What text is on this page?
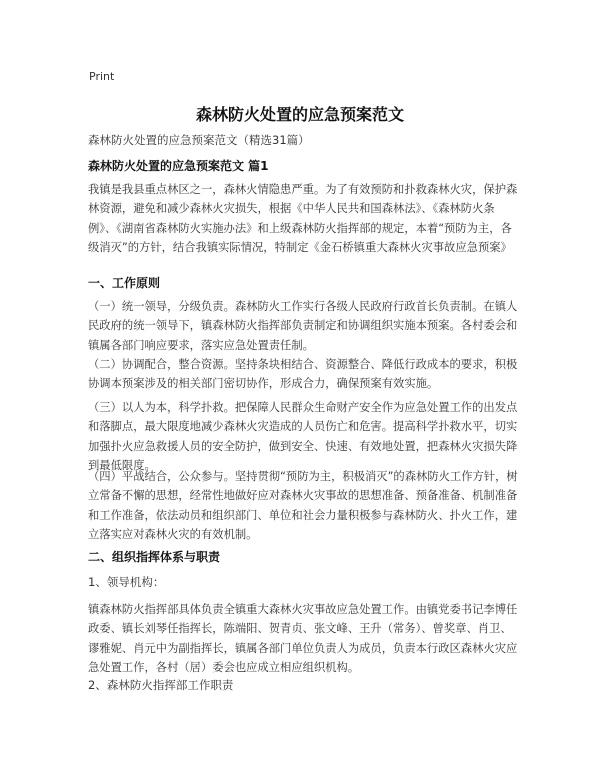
Print
森林防火处置的应急预案范文
森林防火处置的应急预案范文（精选31篇）
森林防火处置的应急预案范文 篇1

我镇是我县重点林区之一，森林火情隐患严重。为了有效预防和扑救森林火灾，保护森林资源，避免和减少森林火灾损失，根据《中华人民共和国森林法》、《森林防火条例》、《湖南省森林防火实施办法》和上级森林防火指挥部的规定，本着“预防为主，各级消灭”的方针，结合我镇实际情况，特制定《金石桥镇重大森林火灾事故应急预案》

一、工作原则

（一）统一领导，分级负责。森林防火工作实行各级人民政府行政首长负责制。在镇人民政府的统一领导下，镇森林防火指挥部负责制定和协调组织实施本预案。各村委会和镇属各部门响应要求，落实应急处置责任制。

（二）协调配合，整合资源。坚持条块相结合、资源整合、降低行政成本的要求，积极协调本预案涉及的相关部门密切协作，形成合力，确保预案有效实施。

（三）以人为本，科学扑救。把保障人民群众生命财产安全作为应急处置工作的出发点和落脚点，最大限度地减少森林火灾造成的人员伤亡和危害。提高科学扑救水平，切实加强扑火应急救援人员的安全防护，做到安全、快速、有效地处置，把森林火灾损失降到最低限度。

（四）平战结合，公众参与。坚持贯彻“预防为主，积极消灭”的森林防火工作方针，树立常备不懈的思想，经常性地做好应对森林火灾事故的思想准备、预备准备、机制准备和工作准备，依法动员和组织部门、单位和社会力量积极参与森林防火、扑火工作，建立落实应对森林火灾的有效机制。

二、组织指挥体系与职责
1、领导机构：

镇森林防火指挥部具体负责全镇重大森林火灾事故应急处置工作。由镇党委书记李博任政委、镇长刘琴任指挥长，陈端阳、贺青贞、张文峰、王升（常务）、曾奖章、肖卫、谬雅妮、肖元中为副指挥长，镇属各部门单位负责人为成员，负责本行政区森林火灾应急处置工作，各村（居）委会也应成立相应组织机构。

2、森林防火指挥部工作职责
